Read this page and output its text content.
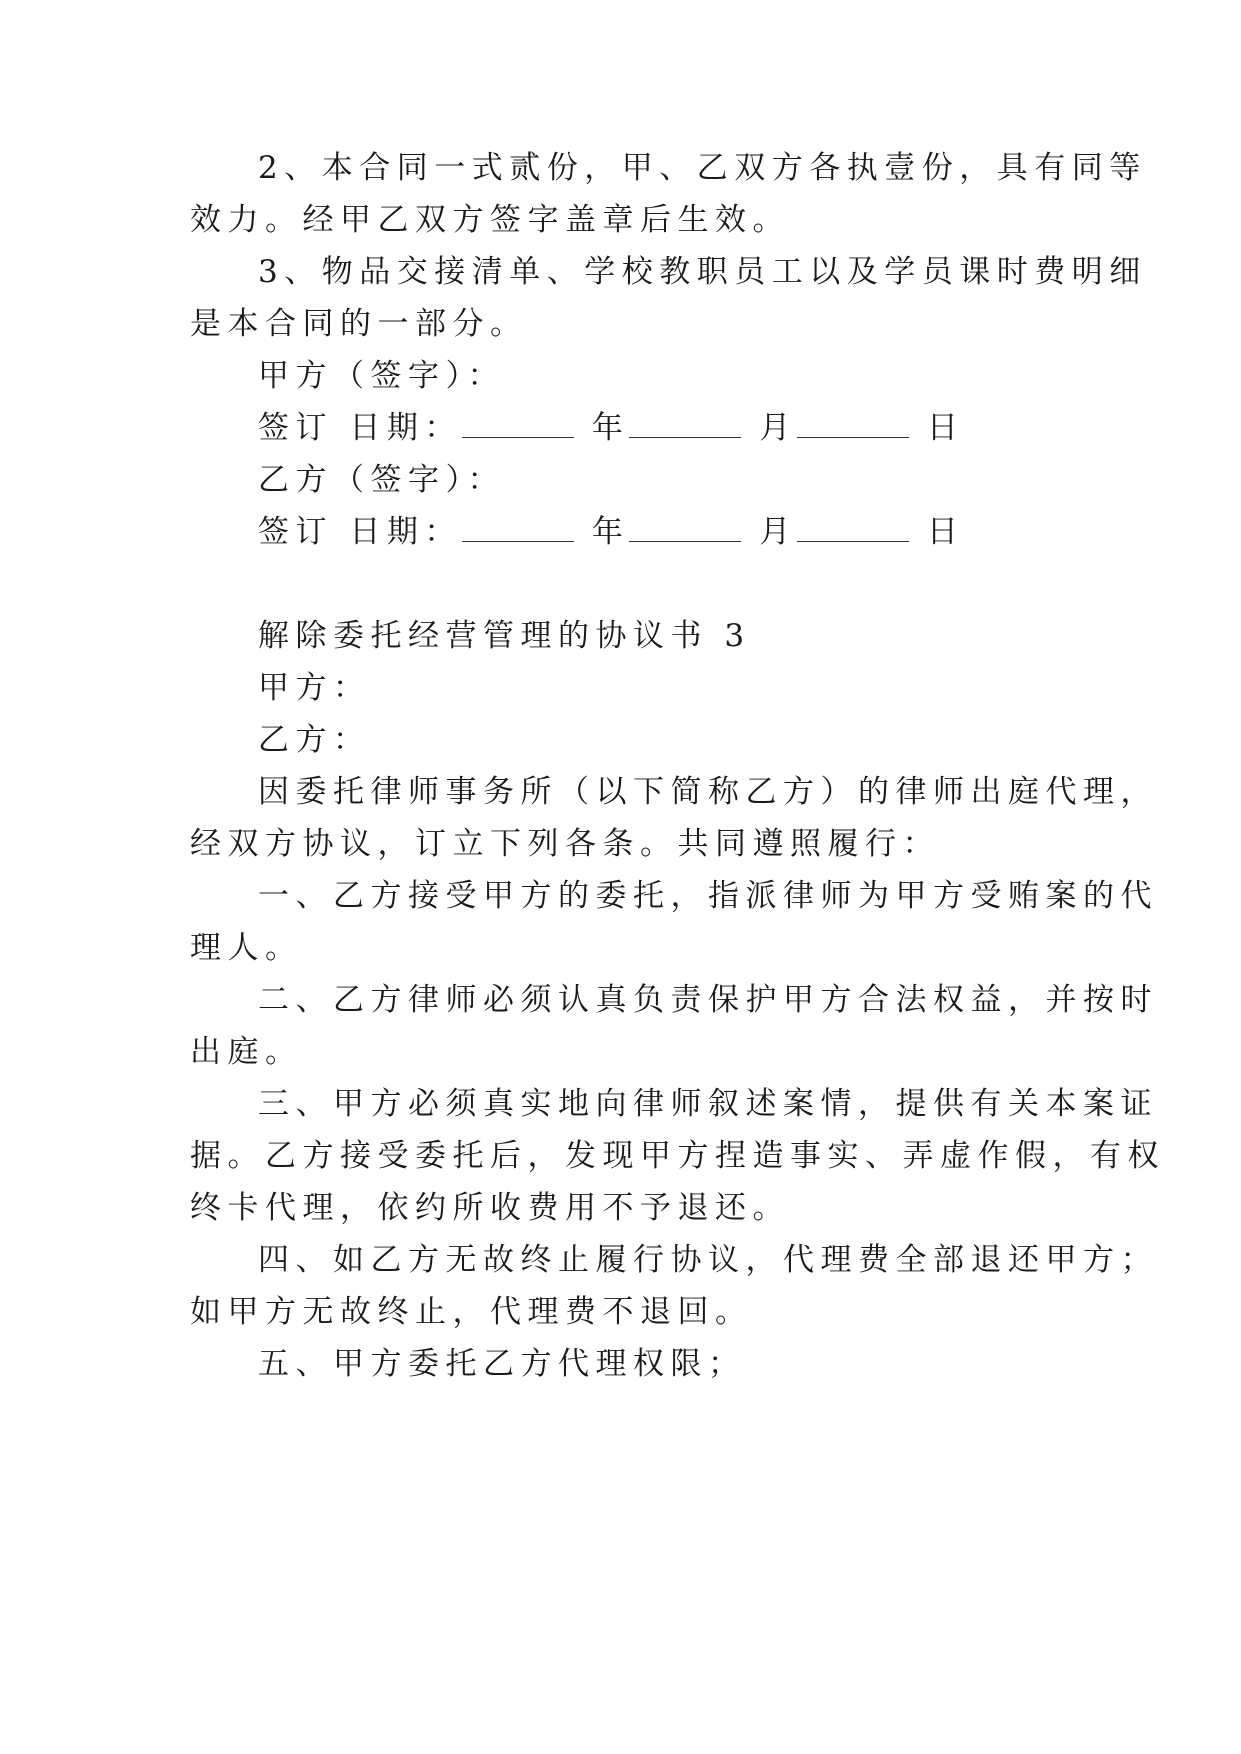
2、本合同一式贰份，甲、乙双方各执壹份，具有同等
效力。经甲乙双方签字盖章后生效。
3、物品交接清单、学校教职员工以及学员课时费明细
是本合同的一部分。
甲方（签字）：
签订 日期：	年	月	日
乙方（签字）：
签订 日期：	年	月	日
解除委托经营管理的协议书 3
甲方：
乙方：
因委托律师事务所（以下简称乙方）的律师出庭代理，
经双方协议，订立下列各条。共同遵照履行：
一、乙方接受甲方的委托，指派律师为甲方受贿案的代
理人。
二、乙方律师必须认真负责保护甲方合法权益，并按时
出庭。
三、甲方必须真实地向律师叙述案情，提供有关本案证
据。乙方接受委托后，发现甲方捏造事实、弄虚作假，有权
终卡代理，依约所收费用不予退还。
四、如乙方无故终止履行协议，代理费全部退还甲方；
如甲方无故终止，代理费不退回。
五、甲方委托乙方代理权限；
